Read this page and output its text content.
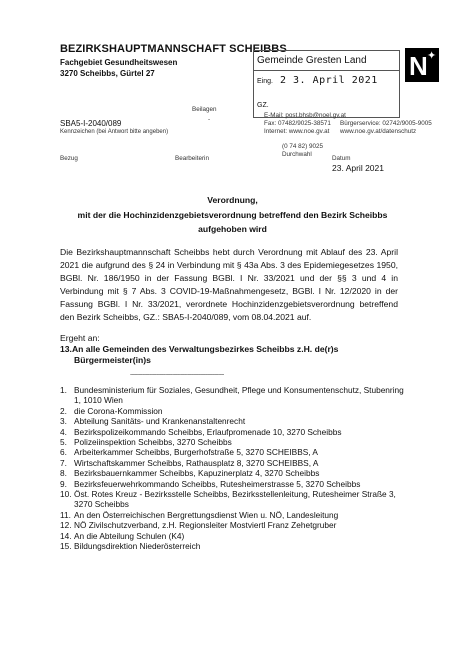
BEZIRKSHAUPTMANNSCHAFT SCHEIBBS
Fachgebiet Gesundheitswesen
3270 Scheibbs, Gürtel 27
Gemeinde Gresten Land
Eing. 2 3. April 2021
GZ.
N ✦
E-Mail: post.bhsb@noel.gv.at
Fax: 07482/9025-38571 Bürgerservice: 02742/9005-9005
Internet: www.noe.gv.at www.noe.gv.at/datenschutz
Beilagen
-
SBA5-I-2040/089
Kennzeichen (bei Antwort bitte angeben)
(0 74 82) 9025
Bezug	Bearbeiterin
Durchwahl
Datum
23. April 2021
Verordnung,
mit der die Hochinzidenzgebietsverordnung betreffend den Bezirk Scheibbs
aufgehoben wird
Die Bezirkshauptmannschaft Scheibbs hebt durch Verordnung mit Ablauf des 23. April 2021 die aufgrund des § 24 in Verbindung mit § 43a Abs. 3 des Epidemiegesetzes 1950, BGBl. Nr. 186/1950 in der Fassung BGBl. I Nr. 33/2021 und der §§ 3 und 4 in Verbindung mit § 7 Abs. 3 COVID-19-Maßnahmengesetz, BGBl. I Nr. 12/2020 in der Fassung BGBl. I Nr. 33/2021, verordnete Hochinzidenzgebietsverordnung betreffend den Bezirk Scheibbs, GZ.: SBA5-I-2040/089, vom 08.04.2021 auf.
Ergeht an:
13.An alle Gemeinden des Verwaltungsbezirkes Scheibbs z.H. de(r)s
Bürgermeister(in)s
-------------------------------------------------------------------
1. Bundesministerium für Soziales, Gesundheit, Pflege und Konsumentenschutz, Stubenring 1, 1010 Wien
2. die Corona-Kommission
3. Abteilung Sanitäts- und Krankenanstaltenrecht
4. Bezirkspolizeikommando Scheibbs, Erlaufpromenade 10, 3270 Scheibbs
5. Polizeiinspektion Scheibbs, 3270 Scheibbs
6. Arbeiterkammer Scheibbs, Burgerhofstraße 5, 3270 SCHEIBBS, A
7. Wirtschaftskammer Scheibbs, Rathausplatz 8, 3270 SCHEIBBS, A
8. Bezirksbauernkammer Scheibbs, Kapuzinerplatz 4, 3270 Scheibbs
9. Bezirksfeuerwehrkommando Scheibbs, Rutesheimerstrasse 5, 3270 Scheibbs
10. Öst. Rotes Kreuz - Bezirksstelle Scheibbs, Bezirksstellenleitung, Rutesheimer Straße 3, 3270 Scheibbs
11. An den Österreichischen Bergrettungsdienst Wien u. NÖ, Landesleitung
12. NÖ Zivilschutzverband, z.H. Regionsleiter Mostviertl Franz Zehetgruber
14. An die Abteilung Schulen (K4)
15. Bildungsdirektion Niederösterreich
